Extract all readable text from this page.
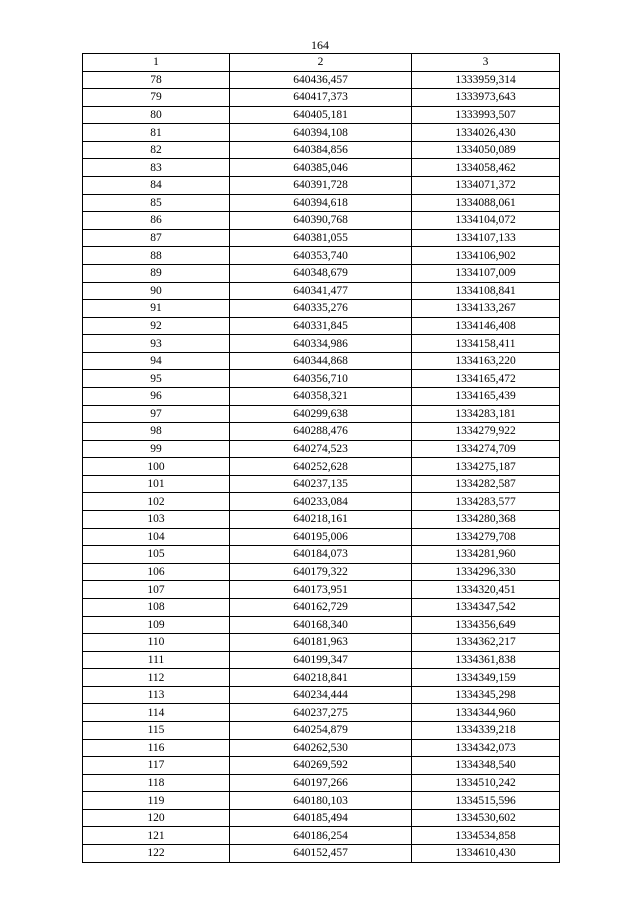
164
1	2	3
78	640436,457	1333959,314
79	640417,373	1333973,643
80	640405,181	1333993,507
81	640394,108	1334026,430
82	640384,856	1334050,089
83	640385,046	1334058,462
84	640391,728	1334071,372
85	640394,618	1334088,061
86	640390,768	1334104,072
87	640381,055	1334107,133
88	640353,740	1334106,902
89	640348,679	1334107,009
90	640341,477	1334108,841
91	640335,276	1334133,267
92	640331,845	1334146,408
93	640334,986	1334158,411
94	640344,868	1334163,220
95	640356,710	1334165,472
96	640358,321	1334165,439
97	640299,638	1334283,181
98	640288,476	1334279,922
99	640274,523	1334274,709
100	640252,628	1334275,187
101	640237,135	1334282,587
102	640233,084	1334283,577
103	640218,161	1334280,368
104	640195,006	1334279,708
105	640184,073	1334281,960
106	640179,322	1334296,330
107	640173,951	1334320,451
108	640162,729	1334347,542
109	640168,340	1334356,649
110	640181,963	1334362,217
111	640199,347	1334361,838
112	640218,841	1334349,159
113	640234,444	1334345,298
114	640237,275	1334344,960
115	640254,879	1334339,218
116	640262,530	1334342,073
117	640269,592	1334348,540
118	640197,266	1334510,242
119	640180,103	1334515,596
120	640185,494	1334530,602
121	640186,254	1334534,858
122	640152,457	1334610,430
